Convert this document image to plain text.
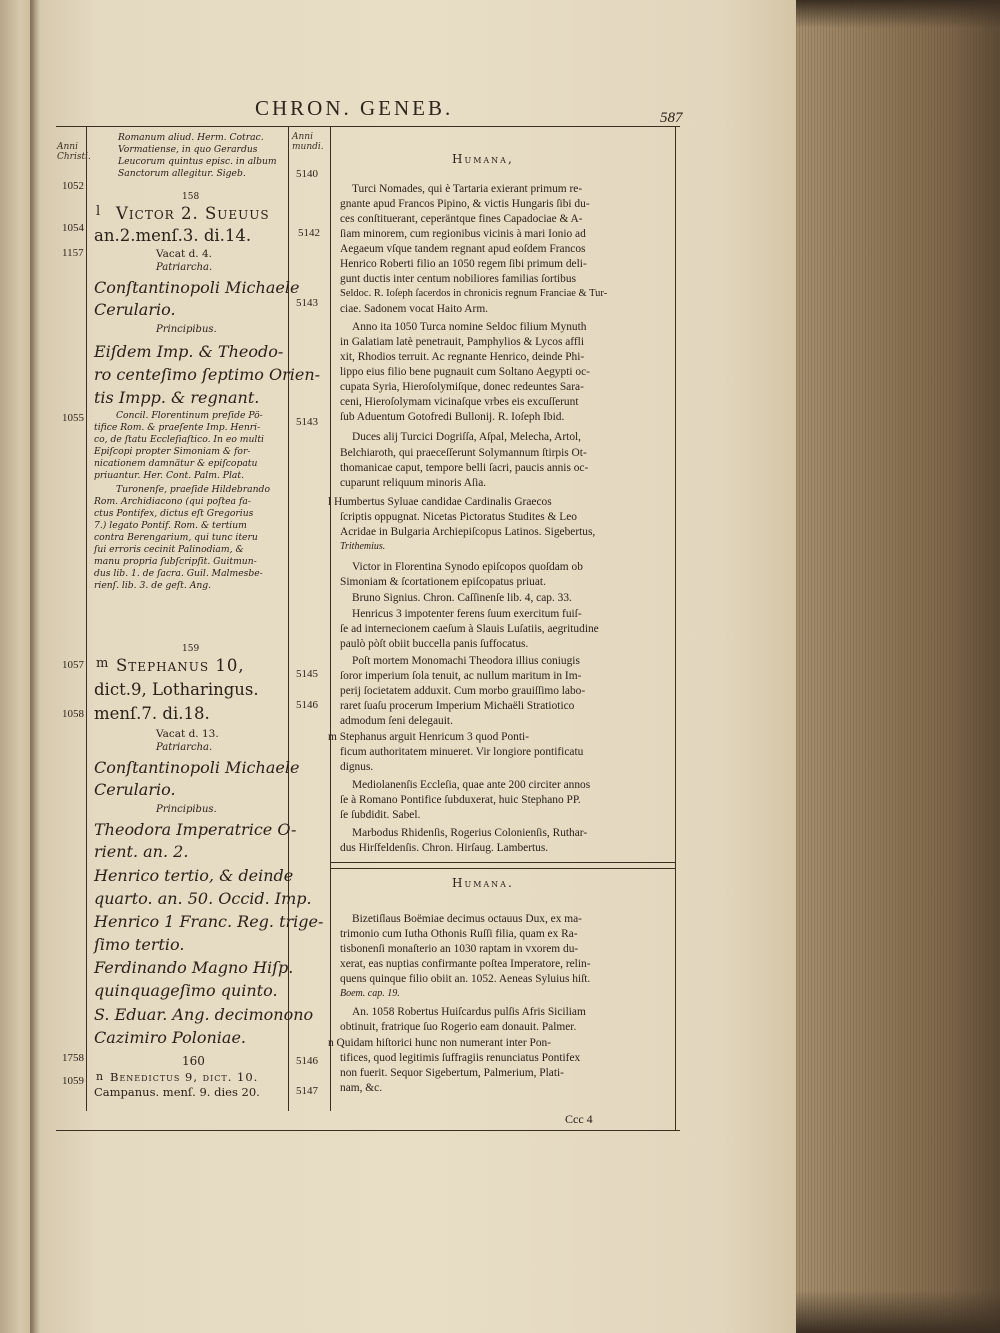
CHRON. GENEB.	587
Anni Christi.
Anni mundi.
1052
1054
1157
1055
1057
1058
1758
1059
5140
5142
5143
5143
5145
5146
5146
5147
Romanum aliud. Herm. Cotrac.
Vormatiense, in quo Gerardus
Leucorum quintus episc. in album
Sanctorum allegitur. Sigeb.
158
l Victor 2. Sueuus
an.2.menſ.3. di.14.
Vacat d. 4.
Patriarcha.
Conſtantinopoli Michaele
Cerulario.
Principibus.
Eiſdem Imp. & Theodo-
ro centeſimo ſeptimo Orien-
tis Impp. & regnant.
Concil. Florentinum preſide Pö-
tifice Rom. & praeſente Imp. Henri-
co, de ſtatu Eccleſiaſtico. In eo multi
Epiſcopi propter Simoniam & for-
nicationem damnätur & epiſcopatu
priuantur. Her. Cont. Palm. Plat.
Turonenſe, praeſide Hildebrando
Rom. Archidiacono (qui poſtea fa-
ctus Pontifex, dictus eſt Gregorius
7.) legato Pontif. Rom. & tertium
contra Berengarium, qui tunc iteru
ſui erroris cecinit Palinodiam, &
manu propria ſubſcripſit. Guitmun-
dus lib. 1. de ſacra. Guil. Malmesbe-
rienſ. lib. 3. de geſt. Ang.
159
m Stephanus 10,
dict.9, Lotharingus.
menſ.7. di.18.
Vacat d. 13.
Patriarcha.
Conſtantinopoli Michaele
Cerulario.
Principibus.
Theodora Imperatrice O-
rient. an. 2.
Henrico tertio, & deinde
quarto. an. 50. Occid. Imp.
Henrico 1 Franc. Reg. trige-
ſimo tertio.
Ferdinando Magno Hiſp.
quinquageſimo quinto.
S. Eduar. Ang. decimonono
Cazimiro Poloniae.
160
n Benedictus 9, dict. 10.
Campanus. menſ. 9. dies 20.
Humana,
Turci Nomades, qui è Tartaria exierant primum re-
gnante apud Francos Pipino, & victis Hungaris ſibi du-
ces conſtituerant, ceperäntque fines Capadociae & A-
ſiam minorem, cum regionibus vicinis à mari Ionio ad
Aegaeum vſque tandem regnant apud eoſdem Francos
Henrico Roberti filio an 1050 regem ſibi primum deli-
gunt ductis inter centum nobiliores familias ſortibus
Seldoc. R. Ioſeph ſacerdos in chronicis regnum Franciae & Tur-
ciae. Sadonem vocat Haito Arm.
Anno ita 1050 Turca nomine Seldoc filium Mynuth
in Galatiam latè penetrauit, Pamphylios & Lycos affli
xit, Rhodios terruit. Ac regnante Henrico, deinde Phi-
lippo eius filio bene pugnauit cum Soltano Aegypti oc-
cupata Syria, Hieroſolymiſque, donec redeuntes Sara-
ceni, Hieroſolymam vicinaſque vrbes eis excuſſerunt
ſub Aduentum Gotofredi Bullonij. R. Ioſeph Ibid.
Duces alij Turcici Dogriſſa, Aſpal, Melecha, Artol,
Belchiaroth, qui praeceſſerunt Solymannum ſtirpis Ot-
thomanicae caput, tempore belli ſacri, paucis annis oc-
cuparunt reliquum minoris Aſia.
l Humbertus Syluae candidae Cardinalis Graecos
ſcriptis oppugnat. Nicetas Pictoratus Studites & Leo
Acridae in Bulgaria Archiepiſcopus Latinos. Sigebertus,
Trithemius.
Victor in Florentina Synodo epiſcopos quoſdam ob
Simoniam & ſcortationem epiſcopatus priuat.
Bruno Signius. Chron. Caſſinenſe lib. 4, cap. 33.
Henricus 3 impotenter ferens ſuum exercitum fuiſ-
ſe ad internecionem caeſum à Slauis Luſatiis, aegritudine
paulò pòſt obiit buccella panis ſuffocatus.
Poſt mortem Monomachi Theodora illius coniugis
ſoror imperium ſola tenuit, ac nullum maritum in Im-
perij ſocietatem adduxit. Cum morbo grauiſſimo labo-
raret ſuaſu procerum Imperium Michaëli Stratiotico
admodum ſeni delegauit.
m Stephanus arguit Henricum 3 quod Ponti-
ficum authoritatem minueret. Vir longiore pontificatu
dignus.
Mediolanenſis Eccleſia, quae ante 200 circiter annos
ſe à Romano Pontifice ſubduxerat, huic Stephano PP.
ſe ſubdidit. Sabel.
Marbodus Rhidenſis, Rogerius Colonienſis, Ruthar-
dus Hirſfeldenſis. Chron. Hirſaug. Lambertus.
Humana.
Bizetiſlaus Boëmiae decimus octauus Dux, ex ma-
trimonio cum Iutha Othonis Ruſſi filia, quam ex Ra-
tisbonenſi monaſterio an 1030 raptam in vxorem du-
xerat, eas nuptias confirmante poſtea Imperatore, relin-
quens quinque filio obiit an. 1052. Aeneas Syluius hiſt.
Boem. cap. 19.
An. 1058 Robertus Huiſcardus pulſis Afris Siciliam
obtinuit, fratrique ſuo Rogerio eam donauit. Palmer.
n Quidam hiſtorici hunc non numerant inter Pon-
tifices, quod legitimis ſuffragiis renunciatus Pontifex
non fuerit. Sequor Sigebertum, Palmerium, Plati-
nam, &c.
Ccc 4
